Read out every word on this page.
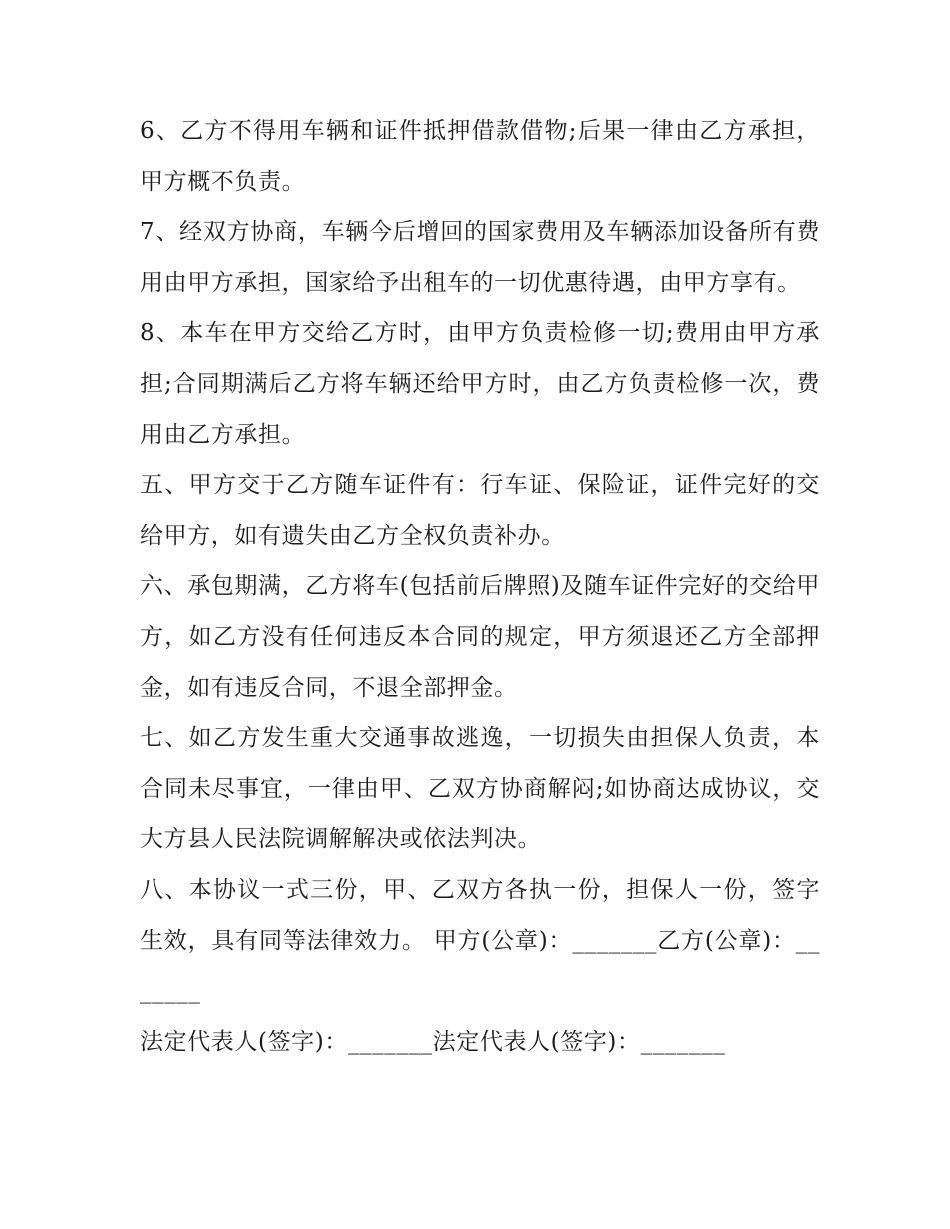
6、乙方不得用车辆和证件抵押借款借物;后果一律由乙方承担，甲方概不负责。

7、经双方协商，车辆今后增回的国家费用及车辆添加设备所有费用由甲方承担，国家给予出租车的一切优惠待遇，由甲方享有。

8、本车在甲方交给乙方时，由甲方负责检修一切;费用由甲方承担;合同期满后乙方将车辆还给甲方时，由乙方负责检修一次，费用由乙方承担。

五、甲方交于乙方随车证件有：行车证、保险证，证件完好的交给甲方，如有遗失由乙方全权负责补办。

六、承包期满，乙方将车(包括前后牌照)及随车证件完好的交给甲方，如乙方没有任何违反本合同的规定，甲方须退还乙方全部押金，如有违反合同，不退全部押金。

七、如乙方发生重大交通事故逃逸，一切损失由担保人负责，本合同未尽事宜，一律由甲、乙双方协商解闷;如协商达成协议，交大方县人民法院调解解决或依法判决。

八、本协议一式三份，甲、乙双方各执一份，担保人一份，签字生效，具有同等法律效力。 甲方(公章)：_______乙方(公章)：_______

法定代表人(签字)：_______法定代表人(签字)：_______
